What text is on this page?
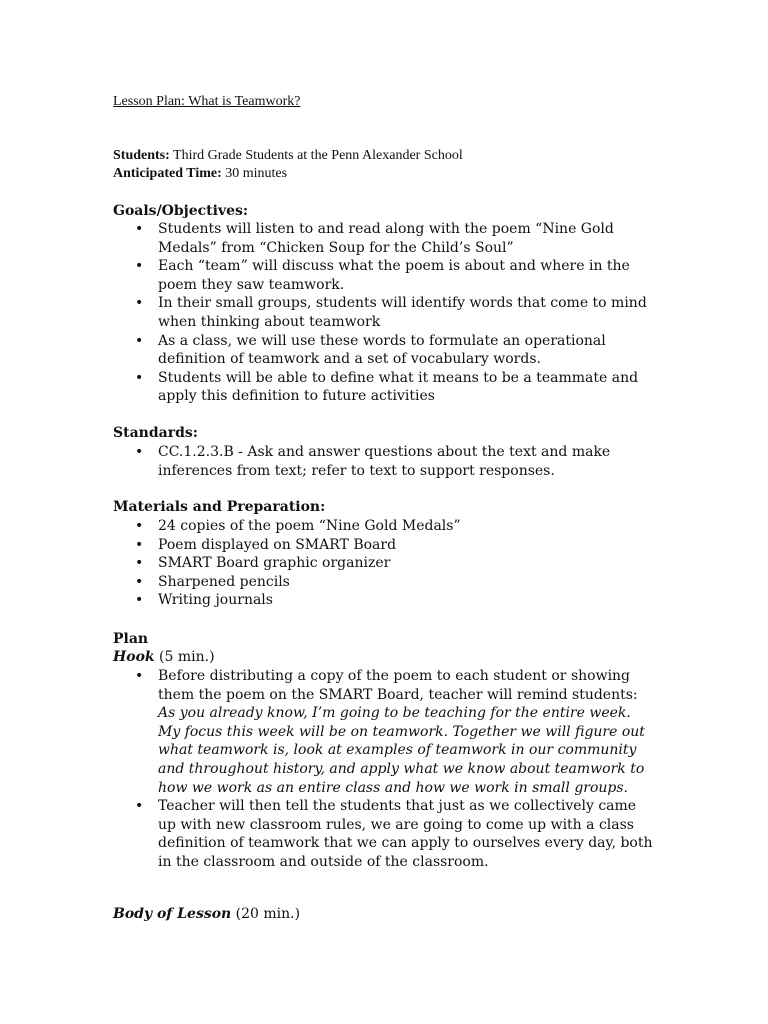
Lesson Plan: What is Teamwork?
Students: Third Grade Students at the Penn Alexander School
Anticipated Time: 30 minutes
Goals/Objectives:
• Students will listen to and read along with the poem “Nine Gold Medals” from “Chicken Soup for the Child’s Soul”
• Each “team” will discuss what the poem is about and where in the poem they saw teamwork.
• In their small groups, students will identify words that come to mind when thinking about teamwork
• As a class, we will use these words to formulate an operational definition of teamwork and a set of vocabulary words.
• Students will be able to define what it means to be a teammate and apply this definition to future activities
Standards:
• CC.1.2.3.B - Ask and answer questions about the text and make inferences from text; refer to text to support responses.
Materials and Preparation:
• 24 copies of the poem “Nine Gold Medals”
• Poem displayed on SMART Board
• SMART Board graphic organizer
• Sharpened pencils
• Writing journals
Plan
Hook (5 min.)
• Before distributing a copy of the poem to each student or showing them the poem on the SMART Board, teacher will remind students: As you already know, I’m going to be teaching for the entire week. My focus this week will be on teamwork. Together we will figure out what teamwork is, look at examples of teamwork in our community and throughout history, and apply what we know about teamwork to how we work as an entire class and how we work in small groups.
• Teacher will then tell the students that just as we collectively came up with new classroom rules, we are going to come up with a class definition of teamwork that we can apply to ourselves every day, both in the classroom and outside of the classroom.
Body of Lesson (20 min.)
